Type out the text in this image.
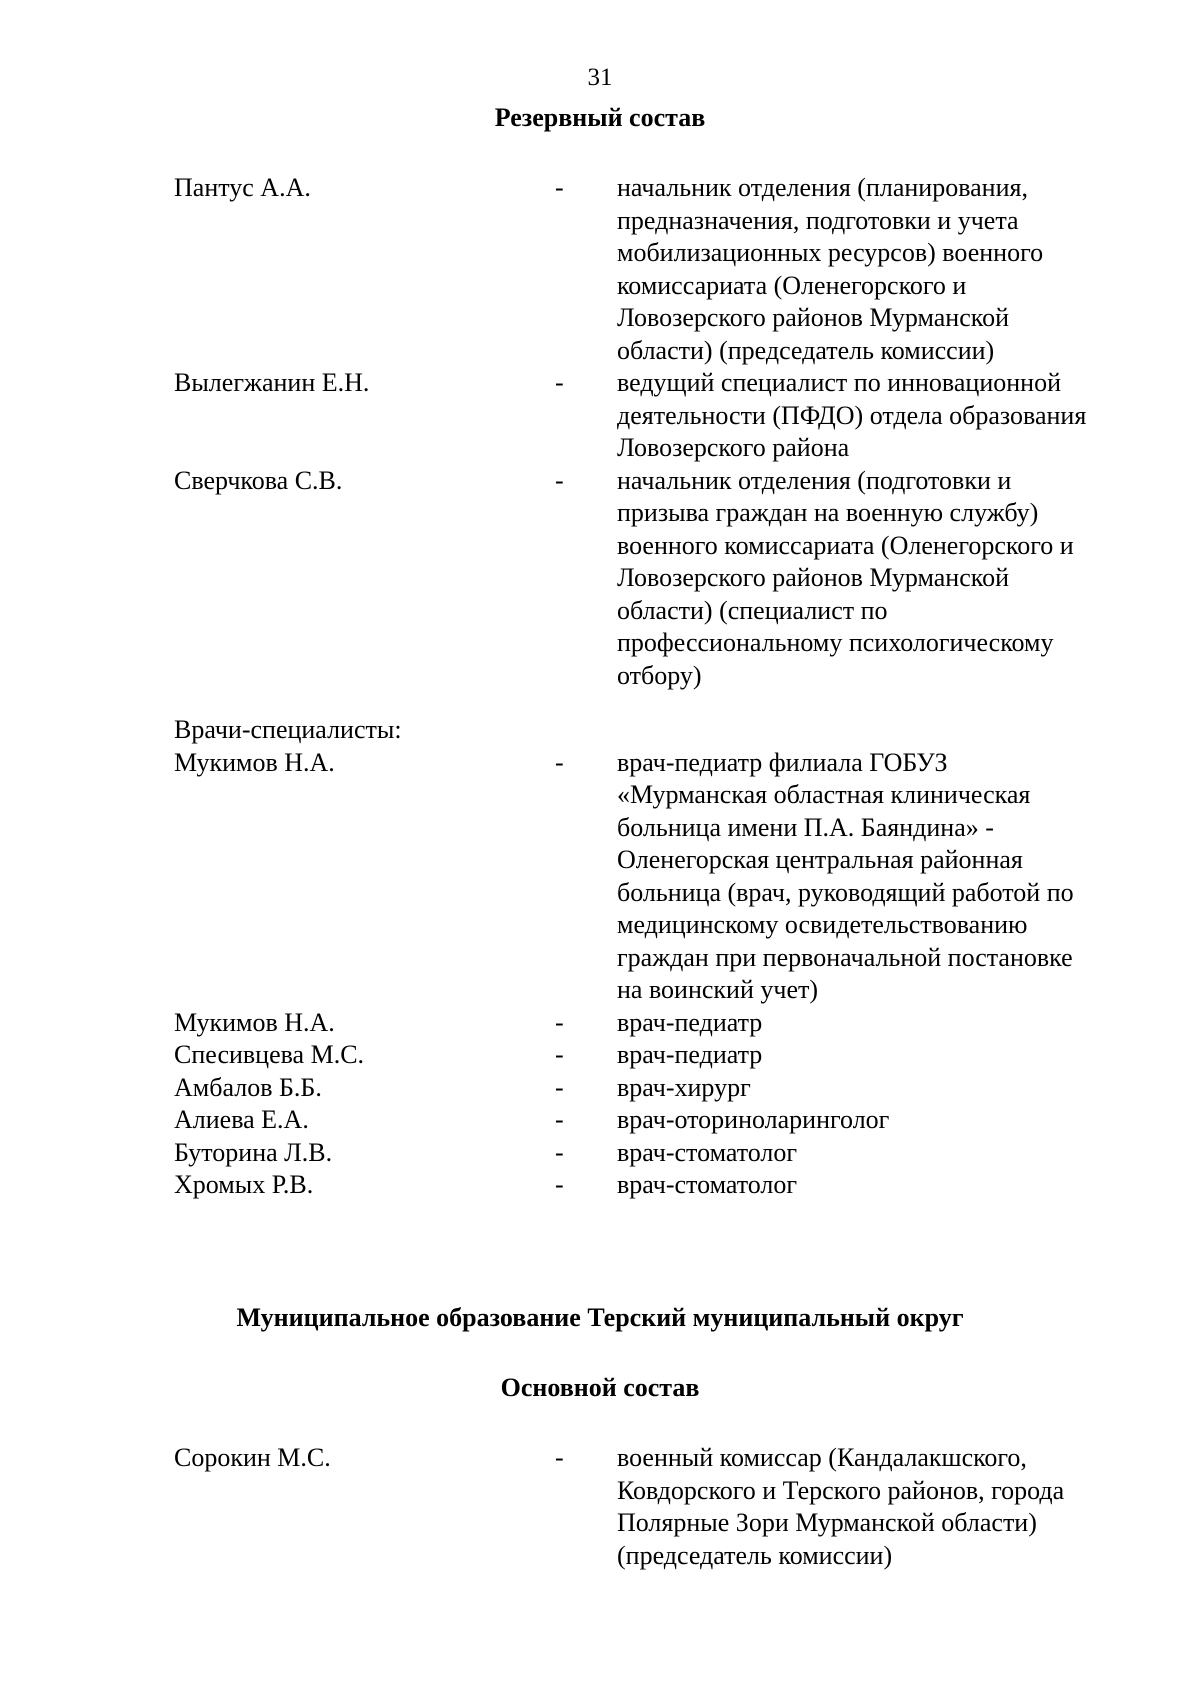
31
Резервный состав
Пантус А.А.	- начальник отделения (планирования,
предназначения, подготовки и учета
мобилизационных ресурсов) военного
комиссариата (Оленегорского и
Ловозерского районов Мурманской
области) (председатель комиссии)
Вылегжанин Е.Н.	- ведущий специалист по инновационной
деятельности (ПФДО) отдела образования
Ловозерского района
Сверчкова С.В.	- начальник отделения (подготовки и
призыва граждан на военную службу)
военного комиссариата (Оленегорского и
Ловозерского районов Мурманской
области) (специалист по
профессиональному психологическому
отбору)
Врачи-специалисты:
Мукимов Н.А.	- врач-педиатр филиала ГОБУЗ
«Мурманская областная клиническая
больница имени П.А. Баяндина» -
Оленегорская центральная районная
больница (врач, руководящий работой по
медицинскому освидетельствованию
граждан при первоначальной постановке
на воинский учет)
Мукимов Н.А.	- врач-педиатр
Спесивцева М.С.	- врач-педиатр
Амбалов Б.Б.	- врач-хирург
Алиева Е.А.	- врач-оториноларинголог
Буторина Л.В.	- врач-стоматолог
Хромых Р.В.	- врач-стоматолог
Муниципальное образование Терский муниципальный округ
Основной состав
Сорокин М.С.	- военный комиссар (Кандалакшского,
Ковдорского и Терского районов, города
Полярные Зори Мурманской области)
(председатель комиссии)
